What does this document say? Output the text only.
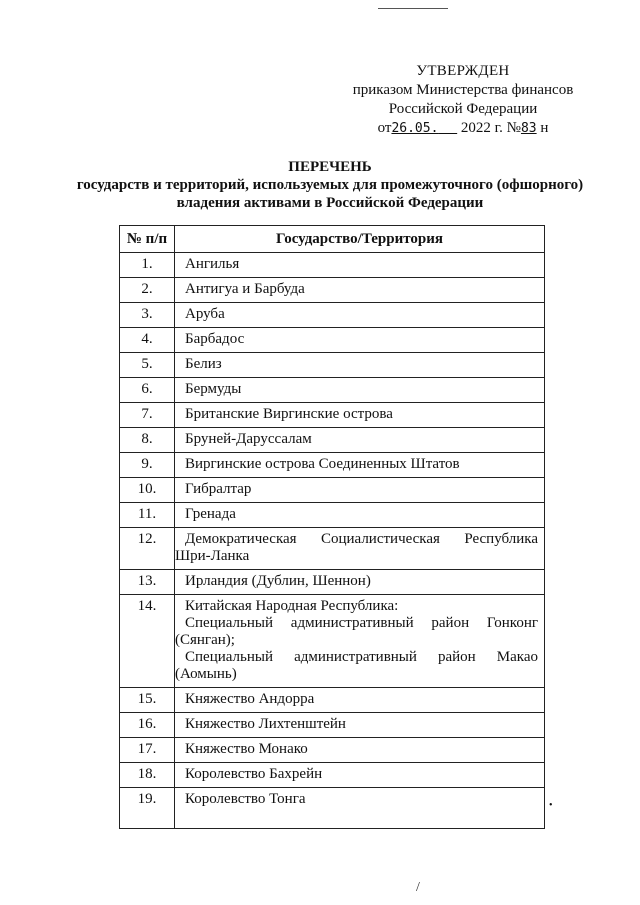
УТВЕРЖДЕН
приказом Министерства финансов
Российской Федерации
от26.05. 2022 г. №83 н
ПЕРЕЧЕНЬ
государств и территорий, используемых для промежуточного (офшорного)
владения активами в Российской Федерации
№ п/п	Государство/Территория
1.	Ангилья
2.	Антигуа и Барбуда
3.	Аруба
4.	Барбадос
5.	Белиз
6.	Бермуды
7.	Британские Виргинские острова
8.	Бруней-Даруссалам
9.	Виргинские острова Соединенных Штатов
10.	Гибралтар
11.	Гренада
12.	Демократическая Социалистическая Республика
Шри-Ланка

13.	Ирландия (Дублин, Шеннон)
14.	Китайская Народная Республика:
Специальный административный район Гонконг
(Сянган);
Специальный административный район Макао
(Аомынь)

15.	Княжество Андорра
16.	Княжество Лихтенштейн
17.	Княжество Монако
18.	Королевство Бахрейн
19.	Королевство Тонга	•
/
